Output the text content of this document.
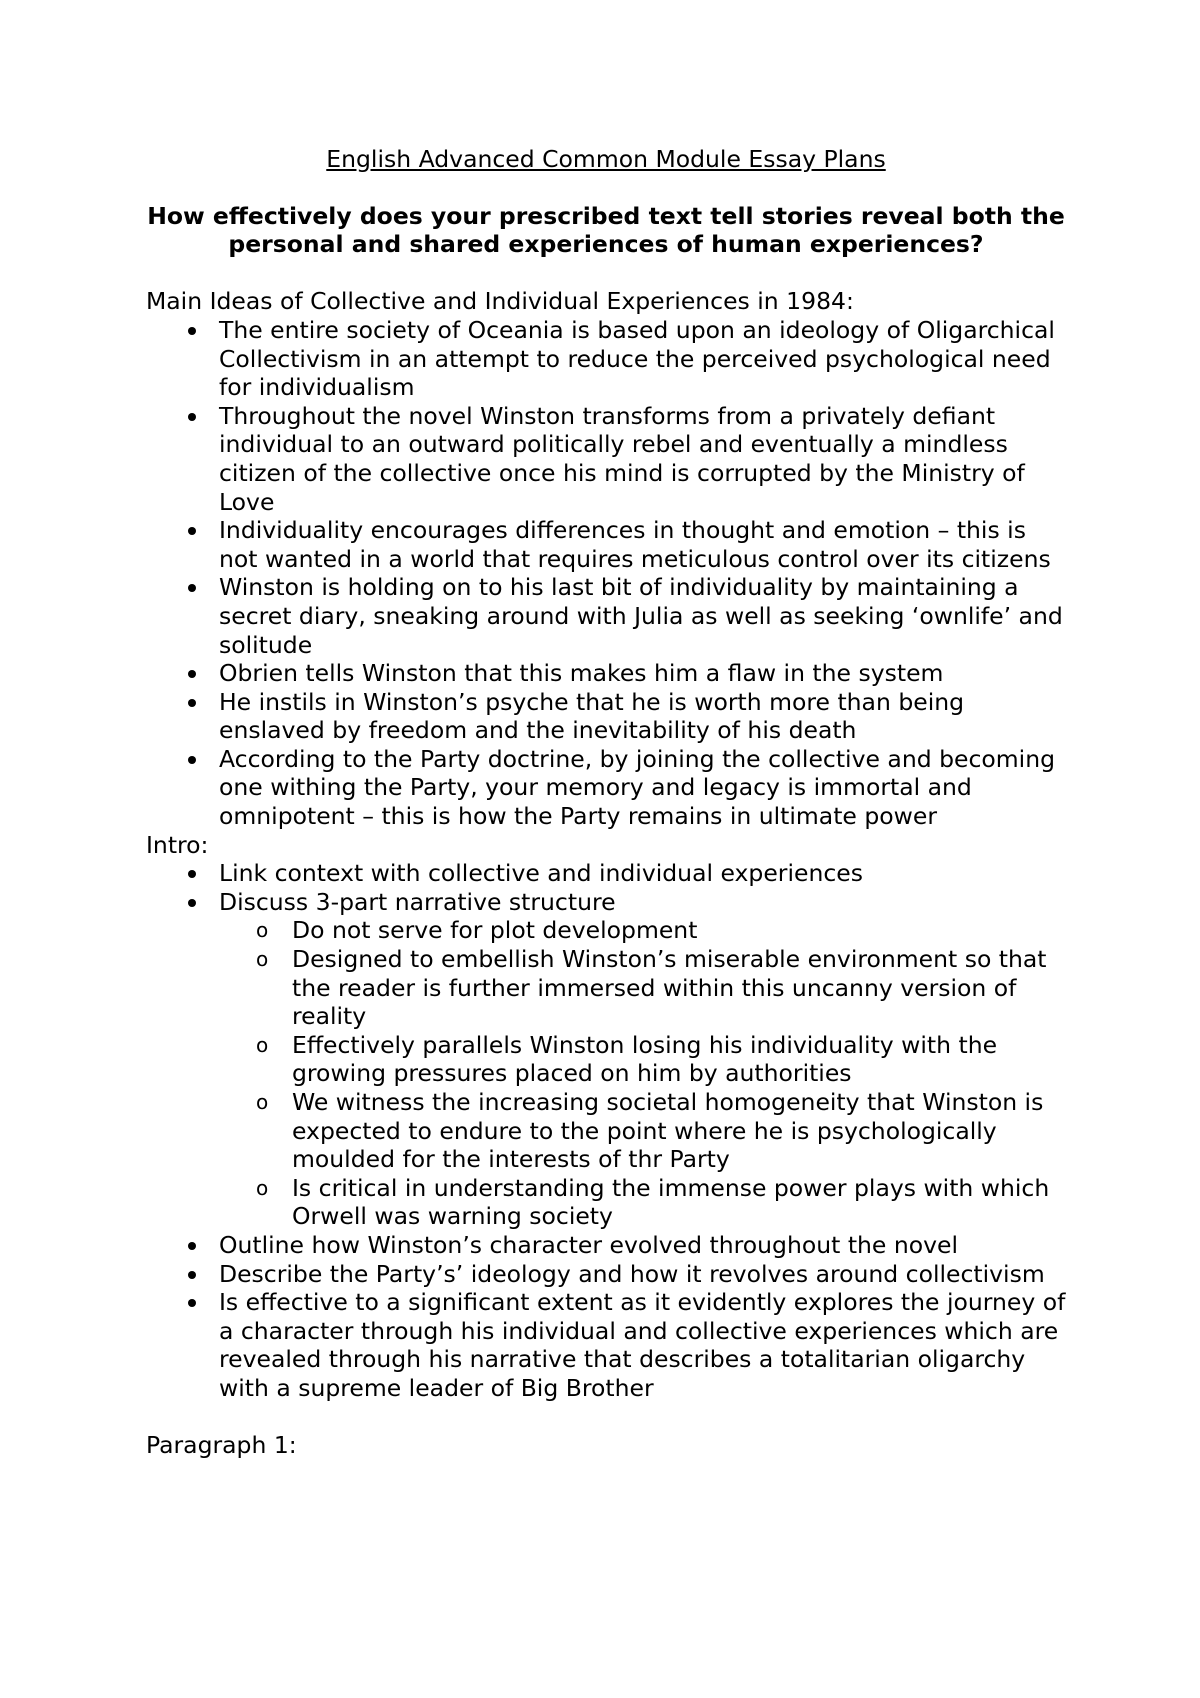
English Advanced Common Module Essay Plans

How effectively does your prescribed text tell stories reveal both the personal and shared experiences of human experiences?

Main Ideas of Collective and Individual Experiences in 1984:

The entire society of Oceania is based upon an ideology of Oligarchical Collectivism in an attempt to reduce the perceived psychological need for individualism
Throughout the novel Winston transforms from a privately defiant individual to an outward politically rebel and eventually a mindless citizen of the collective once his mind is corrupted by the Ministry of Love
Individuality encourages differences in thought and emotion – this is not wanted in a world that requires meticulous control over its citizens
Winston is holding on to his last bit of individuality by maintaining a secret diary, sneaking around with Julia as well as seeking ‘ownlife’ and solitude
Obrien tells Winston that this makes him a flaw in the system
He instils in Winston’s psyche that he is worth more than being enslaved by freedom and the inevitability of his death
According to the Party doctrine, by joining the collective and becoming one withing the Party, your memory and legacy is immortal and omnipotent – this is how the Party remains in ultimate power

Intro:

Link context with collective and individual experiences
Discuss 3-part narrative structure
o Do not serve for plot development
o Designed to embellish Winston’s miserable environment so that the reader is further immersed within this uncanny version of reality
o Effectively parallels Winston losing his individuality with the growing pressures placed on him by authorities
o We witness the increasing societal homogeneity that Winston is expected to endure to the point where he is psychologically moulded for the interests of thr Party
o Is critical in understanding the immense power plays with which Orwell was warning society
Outline how Winston’s character evolved throughout the novel
Describe the Party’s’ ideology and how it revolves around collectivism
Is effective to a significant extent as it evidently explores the journey of a character through his individual and collective experiences which are revealed through his narrative that describes a totalitarian oligarchy with a supreme leader of Big Brother

Paragraph 1:
